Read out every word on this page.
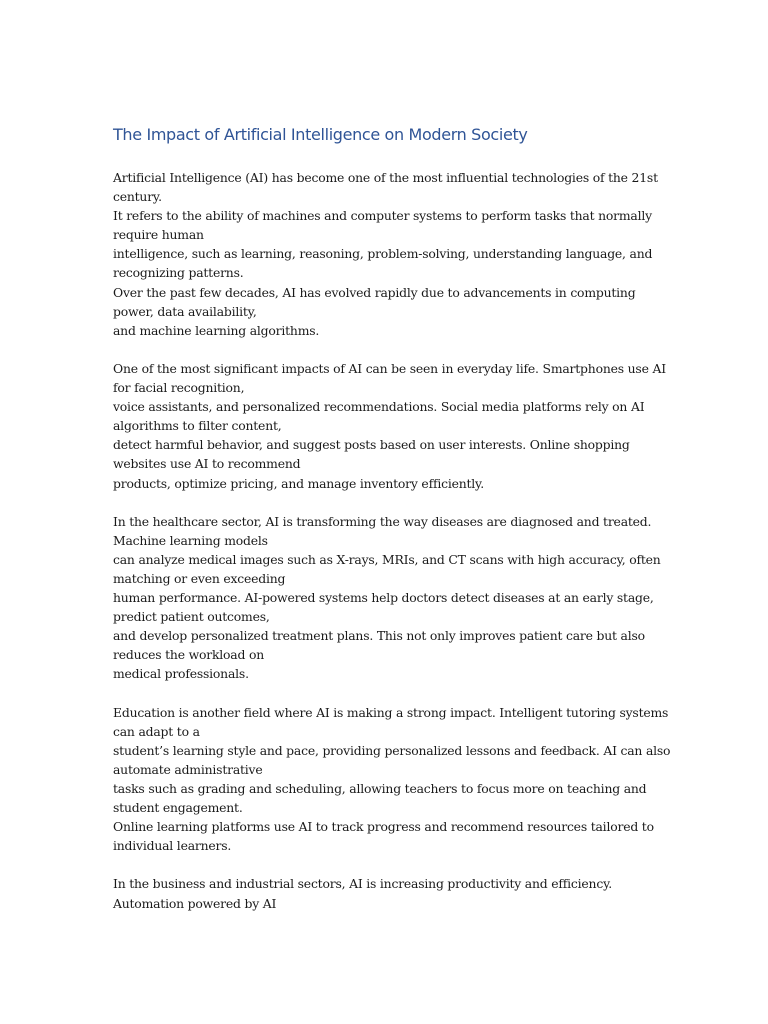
The Impact of Artificial Intelligence on Modern Society
Artificial Intelligence (AI) has become one of the most influential technologies of the 21st
century.
It refers to the ability of machines and computer systems to perform tasks that normally
require human
intelligence, such as learning, reasoning, problem-solving, understanding language, and
recognizing patterns.
Over the past few decades, AI has evolved rapidly due to advancements in computing
power, data availability,
and machine learning algorithms.
One of the most significant impacts of AI can be seen in everyday life. Smartphones use AI
for facial recognition,
voice assistants, and personalized recommendations. Social media platforms rely on AI
algorithms to filter content,
detect harmful behavior, and suggest posts based on user interests. Online shopping
websites use AI to recommend
products, optimize pricing, and manage inventory efficiently.
In the healthcare sector, AI is transforming the way diseases are diagnosed and treated.
Machine learning models
can analyze medical images such as X-rays, MRIs, and CT scans with high accuracy, often
matching or even exceeding
human performance. AI-powered systems help doctors detect diseases at an early stage,
predict patient outcomes,
and develop personalized treatment plans. This not only improves patient care but also
reduces the workload on
medical professionals.
Education is another field where AI is making a strong impact. Intelligent tutoring systems
can adapt to a
student’s learning style and pace, providing personalized lessons and feedback. AI can also
automate administrative
tasks such as grading and scheduling, allowing teachers to focus more on teaching and
student engagement.
Online learning platforms use AI to track progress and recommend resources tailored to
individual learners.
In the business and industrial sectors, AI is increasing productivity and efficiency.
Automation powered by AI
